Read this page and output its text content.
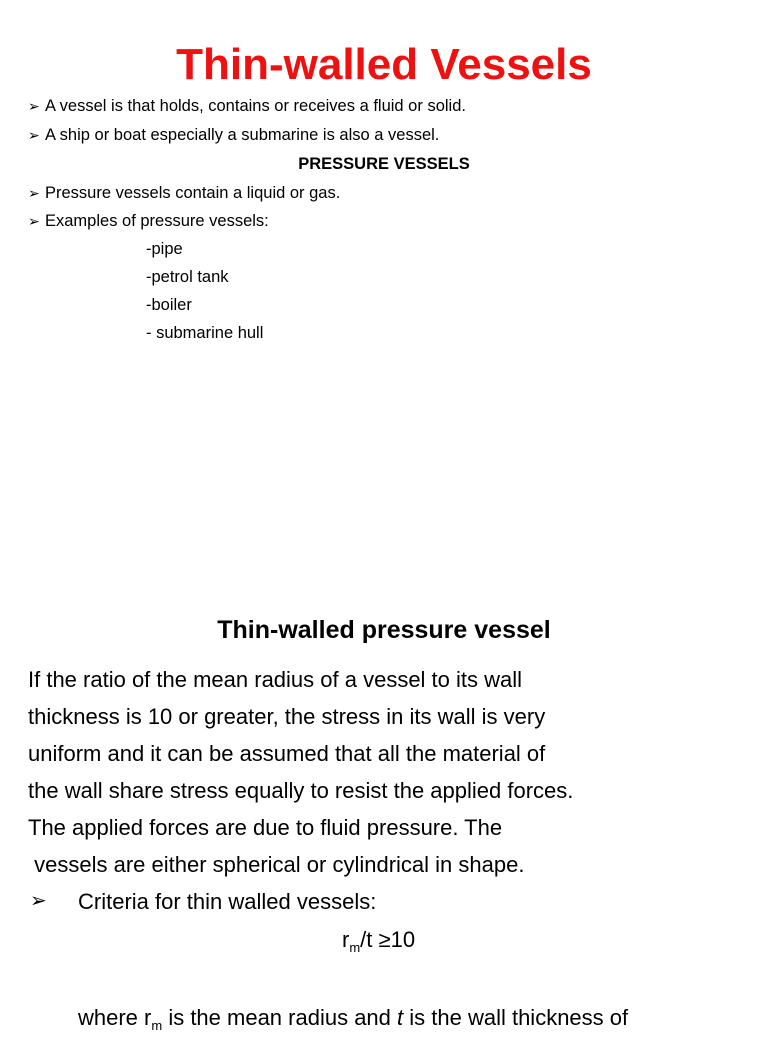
Thin-walled Vessels

➢ A vessel is that holds, contains or receives a fluid or solid.

➢ A ship or boat especially a submarine is also a vessel.

PRESSURE VESSELS

➢ Pressure vessels contain a liquid or gas.

➢ Examples of pressure vessels:

-pipe

-petrol tank

-boiler

- submarine hull

Thin-walled pressure vessel

If the ratio of the mean radius of a vessel to its wall

thickness is 10 or greater, the stress in its wall is very

uniform and it can be assumed that all the material of

the wall share stress equally to resist the applied forces.

The applied forces are due to fluid pressure. The

vessels are either spherical or cylindrical in shape.

➢ Criteria for thin walled vessels:

$r_m/t \ge 10$

where $r_m$ is the mean radius and t is the wall thickness of
